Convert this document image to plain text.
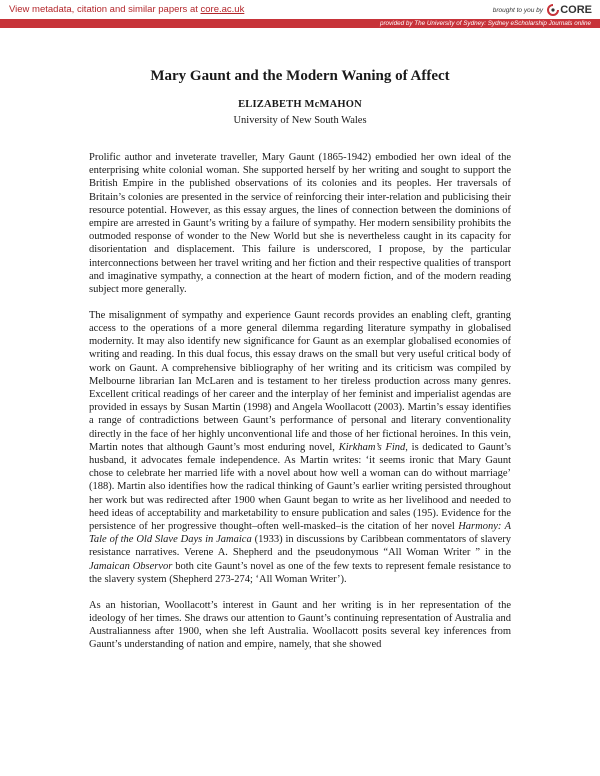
View metadata, citation and similar papers at core.ac.uk	brought to you by CORE
provided by The University of Sydney: Sydney eScholarship Journals online
Mary Gaunt and the Modern Waning of Affect
ELIZABETH McMAHON
University of New South Wales

Prolific author and inveterate traveller, Mary Gaunt (1865-1942) embodied her own ideal of the enterprising white colonial woman. She supported herself by her writing and sought to support the British Empire in the published observations of its colonies and its peoples. Her traversals of Britain’s colonies are presented in the service of reinforcing their inter-relation and publicising their resource potential. However, as this essay argues, the lines of connection between the dominions of empire are arrested in Gaunt’s writing by a failure of sympathy. Her modern sensibility prohibits the outmoded response of wonder to the New World but she is nevertheless caught in its capacity for disorientation and displacement. This failure is underscored, I propose, by the particular interconnections between her travel writing and her fiction and their respective qualities of transport and imaginative sympathy, a connection at the heart of modern fiction, and of the modern reading subject more generally.

The misalignment of sympathy and experience Gaunt records provides an enabling cleft, granting access to the operations of a more general dilemma regarding literature sympathy in globalised modernity. It may also identify new significance for Gaunt as an exemplar globalised economies of writing and reading. In this dual focus, this essay draws on the small but very useful critical body of work on Gaunt. A comprehensive bibliography of her writing and its criticism was compiled by Melbourne librarian Ian McLaren and is testament to her tireless production across many genres. Excellent critical readings of her career and the interplay of her feminist and imperialist agendas are provided in essays by Susan Martin (1998) and Angela Woollacott (2003). Martin’s essay identifies a range of contradictions between Gaunt’s performance of personal and literary conventionality directly in the face of her highly unconventional life and those of her fictional heroines. In this vein, Martin notes that although Gaunt’s most enduring novel, Kirkham’s Find, is dedicated to Gaunt’s husband, it advocates female independence. As Martin writes: ‘it seems ironic that Mary Gaunt chose to celebrate her married life with a novel about how well a woman can do without marriage’ (188). Martin also identifies how the radical thinking of Gaunt’s earlier writing persisted throughout her work but was redirected after 1900 when Gaunt began to write as her livelihood and needed to heed ideas of acceptability and marketability to ensure publication and sales (195). Evidence for the persistence of her progressive thought–often well-masked–is the citation of her novel Harmony: A Tale of the Old Slave Days in Jamaica (1933) in discussions by Caribbean commentators of slavery resistance narratives. Verene A. Shepherd and the pseudonymous “All Woman Writer ” in the Jamaican Observor both cite Gaunt’s novel as one of the few texts to represent female resistance to the slavery system (Shepherd 273-274; ‘All Woman Writer’).

As an historian, Woollacott’s interest in Gaunt and her writing is in her representation of the ideology of her times. She draws our attention to Gaunt’s continuing representation of Australia and Australianness after 1900, when she left Australia. Woollacott posits several key inferences from Gaunt’s understanding of nation and empire, namely, that she showed
